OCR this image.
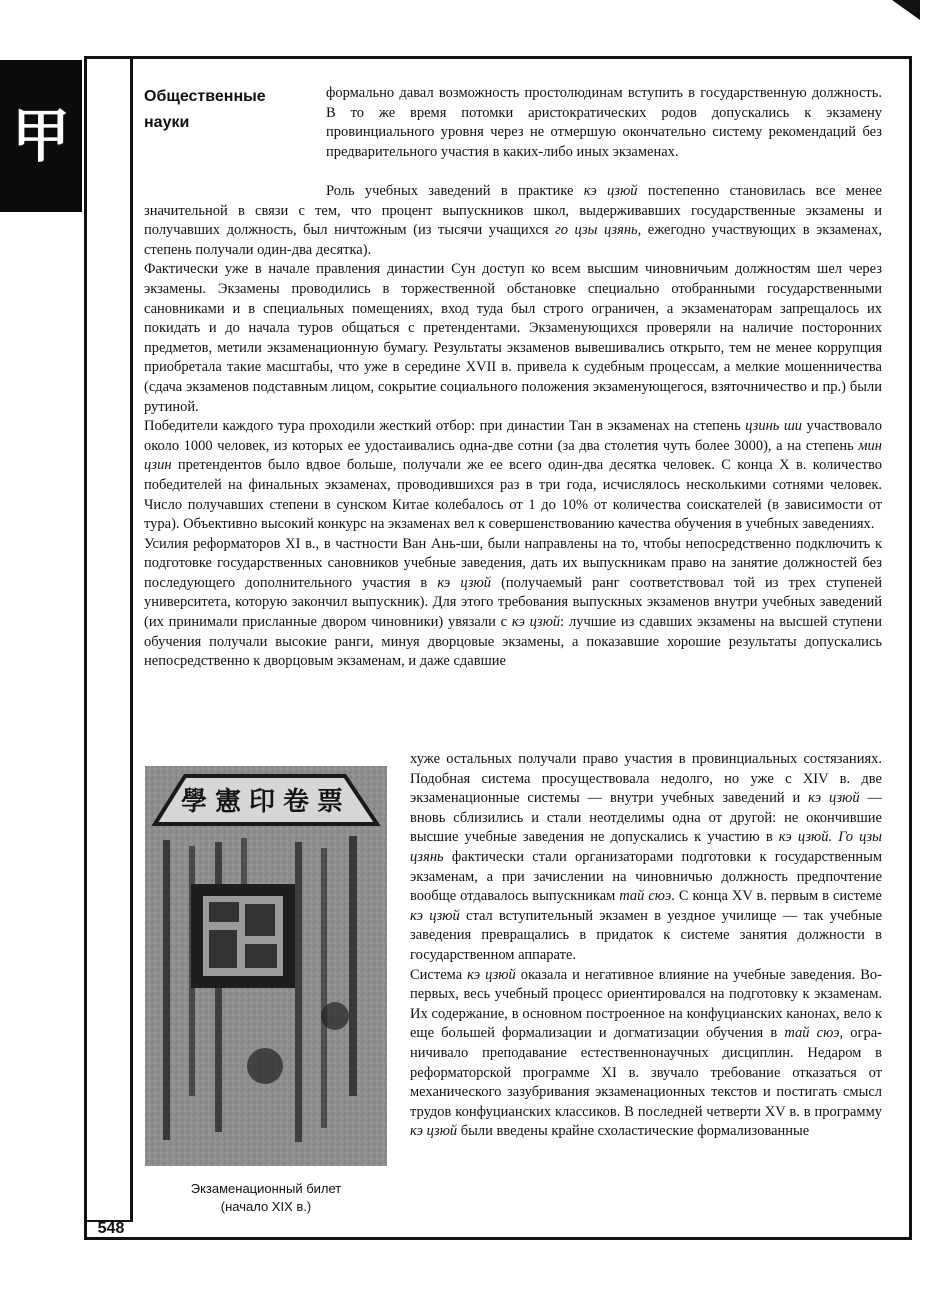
甲
548
Общественные
науки

формально давал возможность простолюдинам вступить в государственную должность. В то же время потомки аристократических родов допускались к экзамену провинциального уровня через не отмершую окончательно систему рекомендаций без предварительного участия в каких-либо иных экзаменах.

Роль учебных заведений в практике кэ цзюй постепенно становилась все менее значительной в связи с тем, что процент выпускников школ, выдерживавших государственные экзамены и получавших должность, был ничтожным (из тысячи учащихся го цзы цзянь, ежегодно участвующих в экзаменах, степень получали один-два десятка).

Фактически уже в начале правления династии Сун доступ ко всем высшим чиновничьим должностям шел через экзамены. Экзамены проводились в торжественной обстановке специально отобранными государственными сановниками и в специальных помещениях, вход туда был строго ограничен, а экзаменаторам запрещалось их покидать и до начала туров общаться с претендентами. Экзаменующихся проверяли на наличие посторонних предметов, метили экзаменационную бумагу. Результаты экзаменов вывешивались открыто, тем не менее коррупция приобретала такие масштабы, что уже в середине XVII в. привела к судебным процессам, а мелкие мошенничества (сдача экзаменов подставным лицом, сокрытие социального положения экзаменующегося, взяточничество и пр.) были рутиной.

Победители каждого тура проходили жесткий отбор: при династии Тан в экзаменах на степень цзинь ши участвовало около 1000 человек, из которых ее удостаивались одна-две сотни (за два столетия чуть более 3000), а на степень мин цзин претендентов было вдвое больше, получали же ее всего один-два десятка человек. С конца X в. количество победителей на финальных экзаменах, проводившихся раз в три года, исчислялось несколькими сотнями человек. Число получавших степени в сунском Китае колебалось от 1 до 10% от количества соискателей (в зависимости от тура). Объективно высокий конкурс на экзаменах вел к совершенствованию качества обучения в учебных заведениях.

Усилия реформаторов XI в., в частности Ван Ань-ши, были направлены на то, чтобы непосредственно подключить к подготовке государственных сановников учебные заведения, дать их выпускникам право на занятие должностей без последующего дополнительного участия в кэ цзюй (получаемый ранг соответствовал той из трех ступеней университета, которую закончил выпускник). Для этого требования выпускных экзаменов внутри учебных заведений (их принимали присланные двором чиновники) увязали с кэ цзюй: лучшие из сдавших экзамены на высшей ступени обучения получали высокие ранги, минуя дворцовые экзамены, а показавшие хорошие результаты допускались непосредственно к дворцовым экзаменам, и даже сдавшие

хуже остальных получали право участия в провинциальных состязаниях. Подобная система просуществовала недолго, но уже с XIV в. две экзаменационные системы — внутри учебных заведений и кэ цзюй — вновь сблизились и стали неотделимы одна от другой: не окончившие высшие учебные заведения не допускались к участию в кэ цзюй. Го цзы цзянь фактически стали организаторами подготовки к государственным экзаменам, а при зачислении на чиновничью должность предпочтение вообще отдавалось выпускникам тай сюэ. С конца XV в. первым в системе кэ цзюй стал вступительный экзамен в уездное училище — так учебные заведения превращались в придаток к системе занятия должности в государственном аппарате.

Система кэ цзюй оказала и негативное влияние на учебные заведения. Во-первых, весь учебный процесс ориентировался на подготовку к экзаменам. Их содержание, в основном построенное на конфуцианских канонах, вело к еще большей формализации и догматизации обучения в тай сюэ, ограничивало преподавание естественнонаучных дисциплин. Недаром в реформаторской программе XI в. звучало требование отказаться от механического зазубривания экзаменационных текстов и постигать смысл трудов конфуцианских классиков. В последней четверти XV в. в программу кэ цзюй были введены крайне схоластические формализованные

學憲印卷票
Экзаменационный билет
(начало XIX в.)
